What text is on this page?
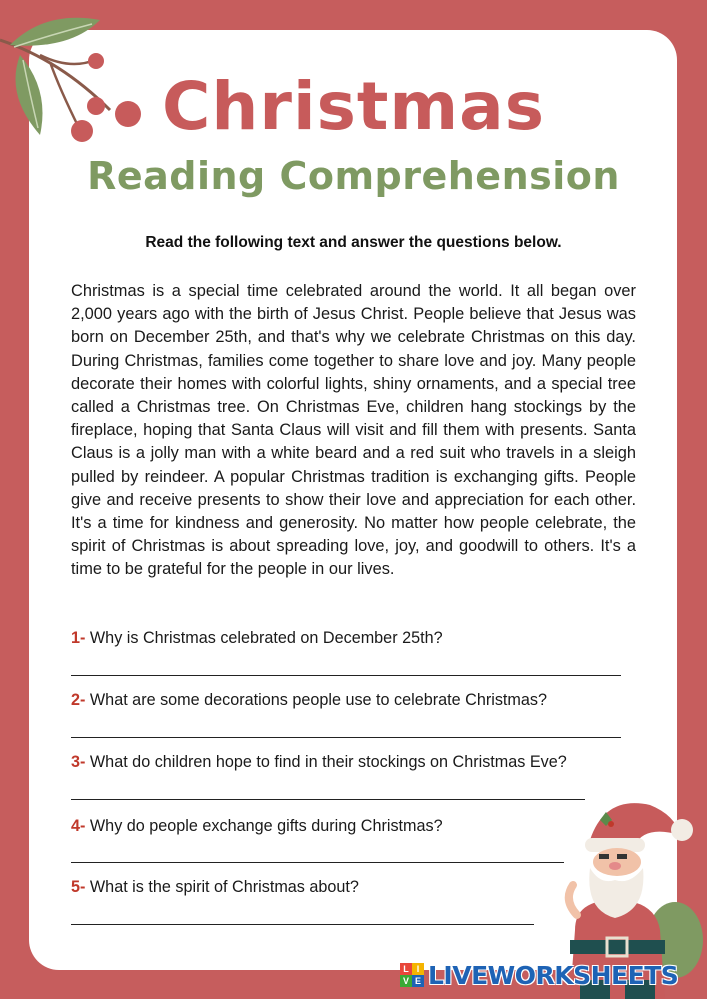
Christmas
Reading Comprehension
Read the following text and answer the questions below.

Christmas is a special time celebrated around the world. It all began over 2,000 years ago with the birth of Jesus Christ. People believe that Jesus was born on December 25th, and that's why we celebrate Christmas on this day. During Christmas, families come together to share love and joy. Many people decorate their homes with colorful lights, shiny ornaments, and a special tree called a Christmas tree. On Christmas Eve, children hang stockings by the fireplace, hoping that Santa Claus will visit and fill them with presents. Santa Claus is a jolly man with a white beard and a red suit who travels in a sleigh pulled by reindeer. A popular Christmas tradition is exchanging gifts. People give and receive presents to show their love and appreciation for each other. It's a time for kindness and generosity. No matter how people celebrate, the spirit of Christmas is about spreading love, joy, and goodwill to others. It's a time to be grateful for the people in our lives.

1- Why is Christmas celebrated on December 25th?
2- What are some decorations people use to celebrate Christmas?
3- What do children hope to find in their stockings on Christmas Eve?
4- Why do people exchange gifts during Christmas?
5- What is the spirit of Christmas about?
L I
V E LIVEWORKSHEETS
